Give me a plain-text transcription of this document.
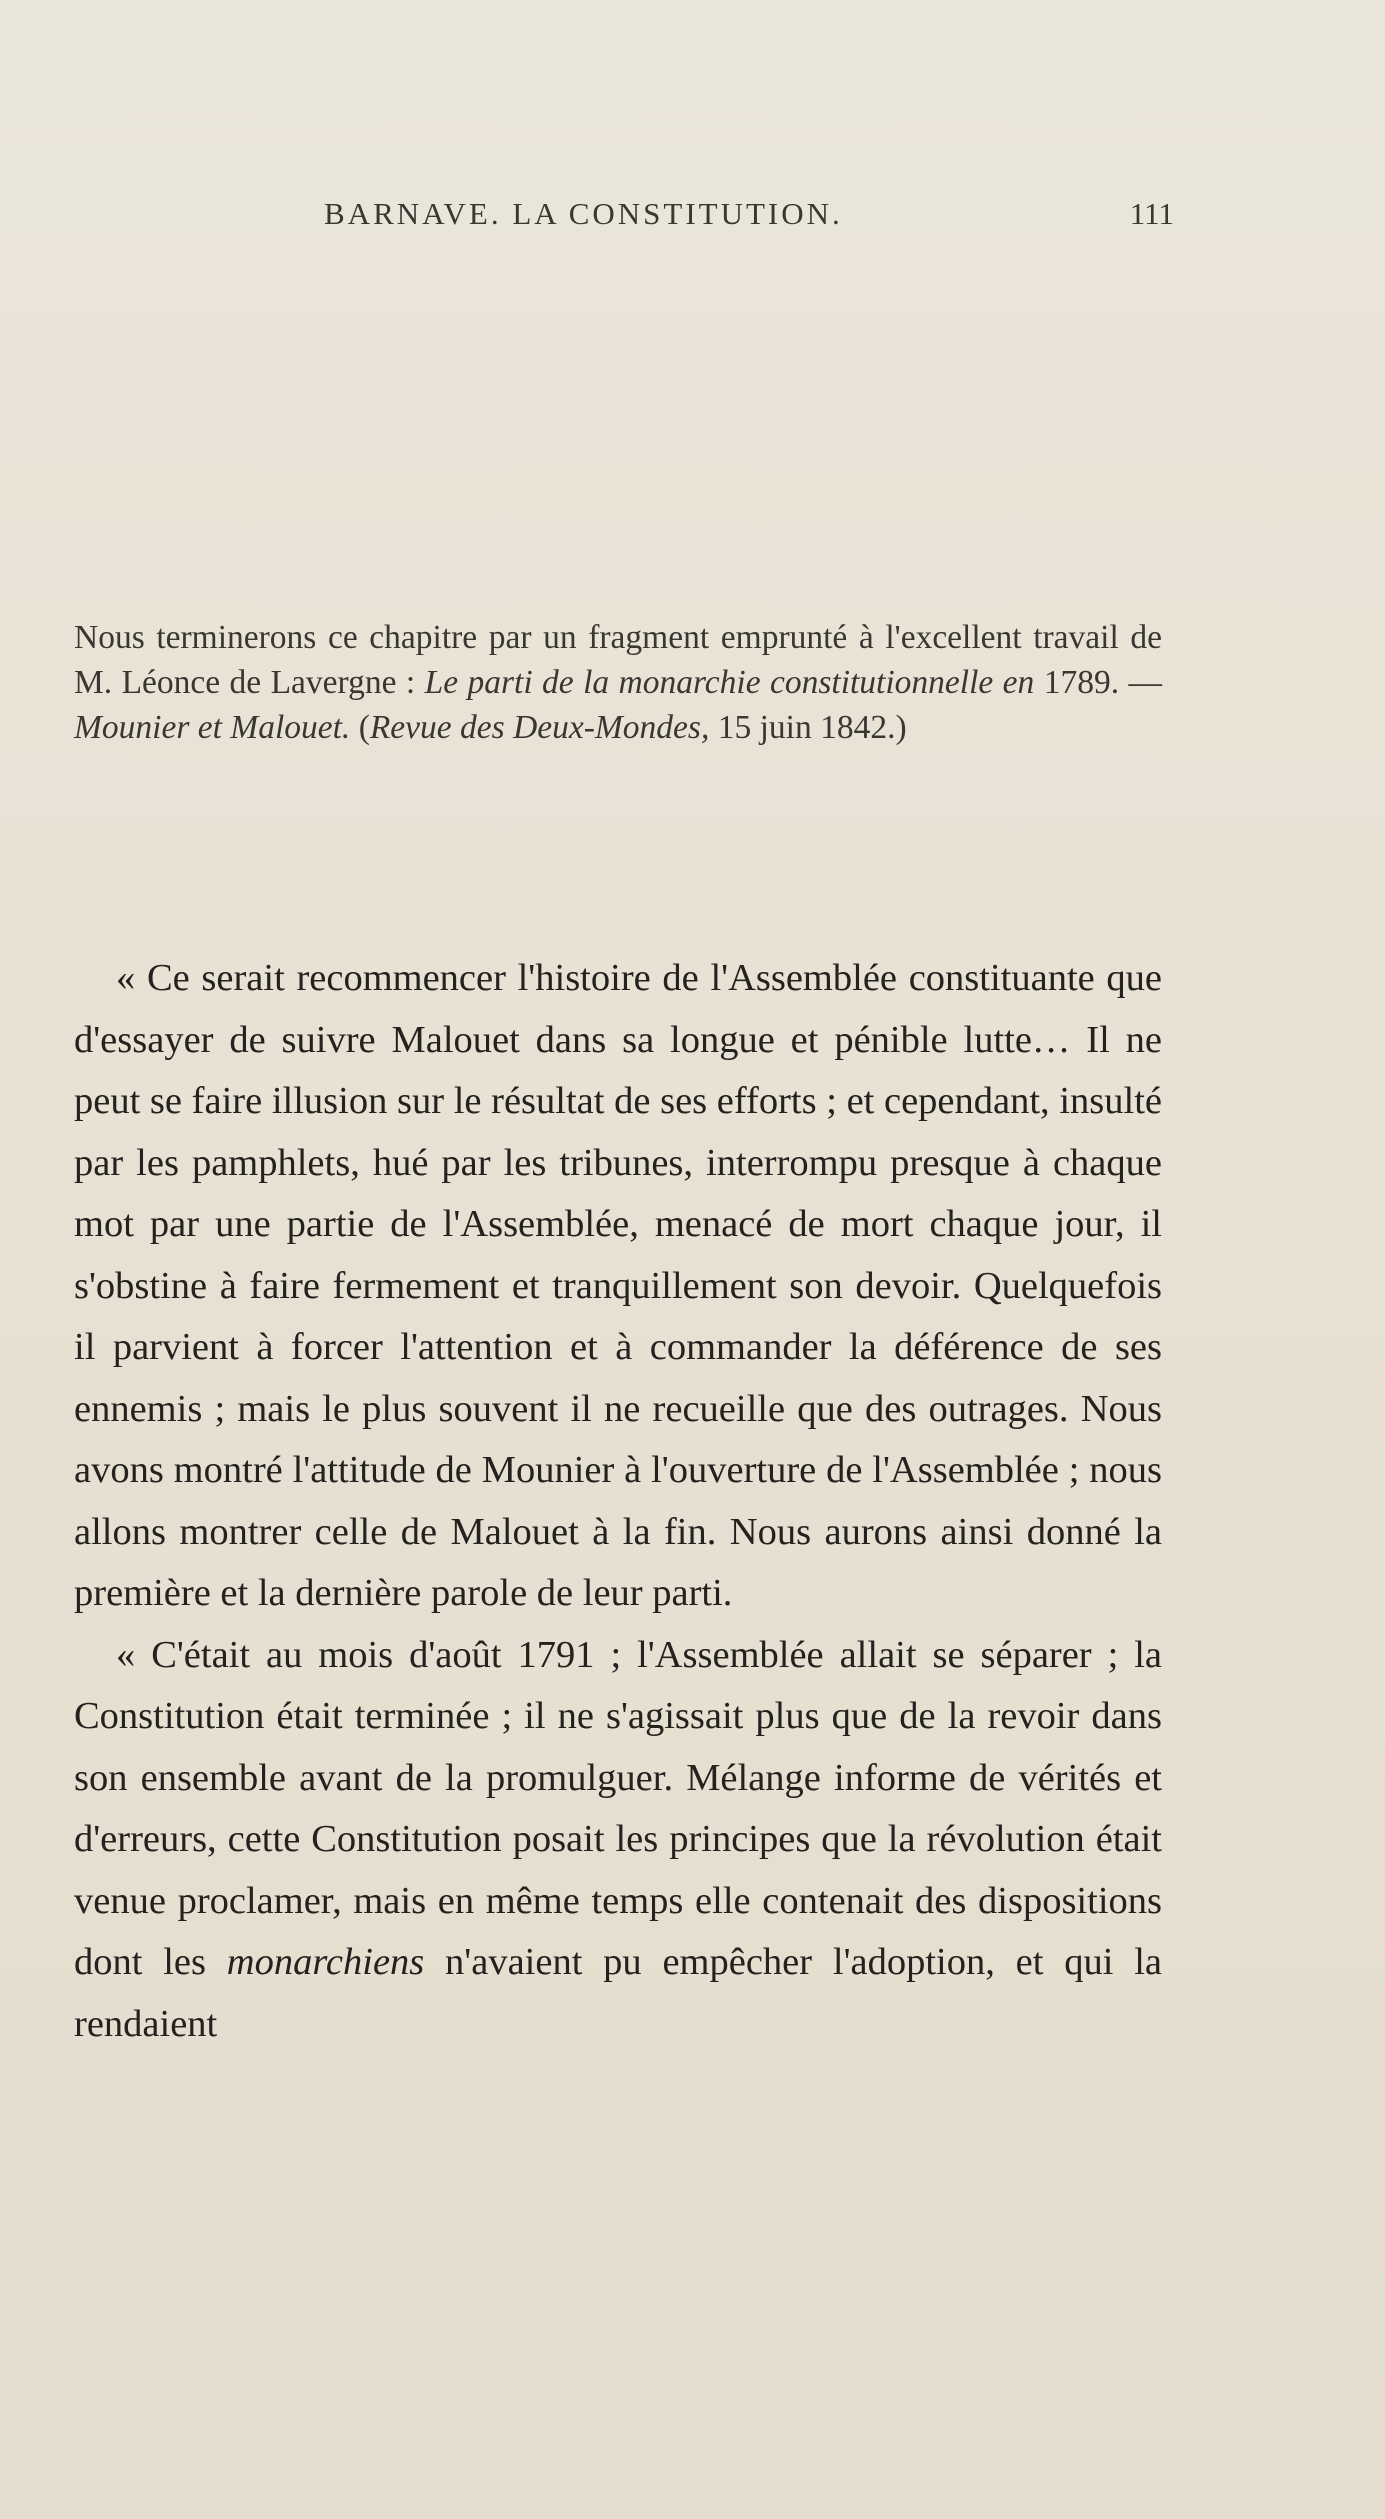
BARNAVE. LA CONSTITUTION.	111
Nous terminerons ce chapitre par un fragment emprunté à l'excellent travail de M. Léonce de Lavergne : Le parti de la monarchie constitutionnelle en 1789. — Mounier et Malouet. (Revue des Deux-Mondes, 15 juin 1842.)

« Ce serait recommencer l'histoire de l'Assemblée constituante que d'essayer de suivre Malouet dans sa longue et pénible lutte… Il ne peut se faire illusion sur le résultat de ses efforts ; et cependant, insulté par les pamphlets, hué par les tribunes, interrompu presque à chaque mot par une partie de l'Assemblée, menacé de mort chaque jour, il s'obstine à faire fermement et tranquillement son devoir. Quelquefois il parvient à forcer l'attention et à commander la déférence de ses ennemis ; mais le plus souvent il ne recueille que des outrages. Nous avons montré l'attitude de Mounier à l'ouverture de l'Assemblée ; nous allons montrer celle de Malouet à la fin. Nous aurons ainsi donné la première et la dernière parole de leur parti.

« C'était au mois d'août 1791 ; l'Assemblée allait se séparer ; la Constitution était terminée ; il ne s'agissait plus que de la revoir dans son ensemble avant de la promulguer. Mélange informe de vérités et d'erreurs, cette Constitution posait les principes que la révolution était venue proclamer, mais en même temps elle contenait des dispositions dont les monarchiens n'avaient pu empêcher l'adoption, et qui la rendaient
